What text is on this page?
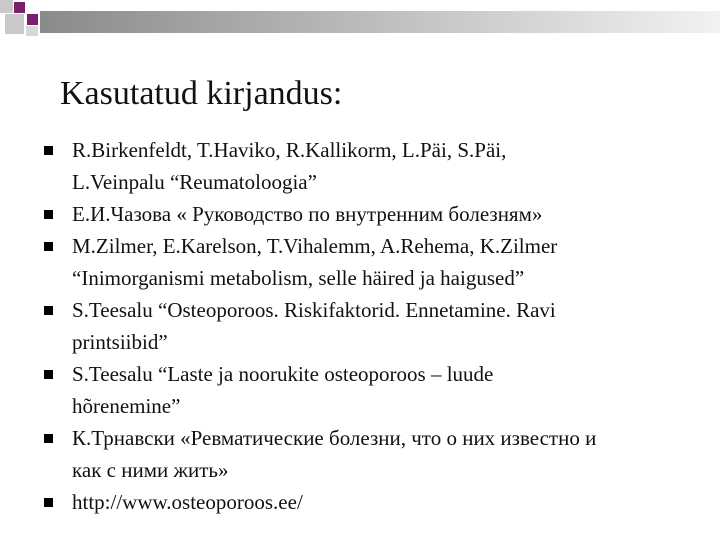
Kasutatud kirjandus:
R.Birkenfeldt, T.Haviko, R.Kallikorm, L.Päi, S.Päi,
L.Veinpalu “Reumatoloogia”
Е.И.Чазова « Руководство по внутренним болезням»
M.Zilmer, E.Karelson, T.Vihalemm, A.Rehema, K.Zilmer
“Inimorganismi metabolism, selle häired ja haigused”
S.Teesalu “Osteoporoos. Riskifaktorid. Ennetamine. Ravi
printsiibid”
S.Teesalu “Laste ja noorukite osteoporoos – luude
hõrenemine”
К.Трнавски «Ревматические болезни, что о них известно и
как с ними жить»
http://www.osteoporoos.ee/
